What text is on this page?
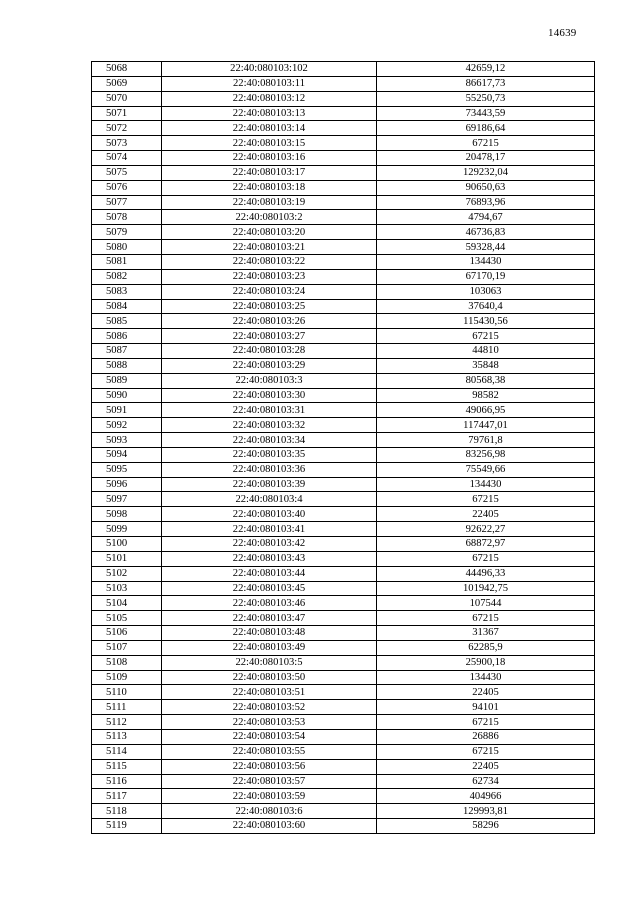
14639
5068	22:40:080103:102	42659,12
5069	22:40:080103:11	86617,73
5070	22:40:080103:12	55250,73
5071	22:40:080103:13	73443,59
5072	22:40:080103:14	69186,64
5073	22:40:080103:15	67215
5074	22:40:080103:16	20478,17
5075	22:40:080103:17	129232,04
5076	22:40:080103:18	90650,63
5077	22:40:080103:19	76893,96
5078	22:40:080103:2	4794,67
5079	22:40:080103:20	46736,83
5080	22:40:080103:21	59328,44
5081	22:40:080103:22	134430
5082	22:40:080103:23	67170,19
5083	22:40:080103:24	103063
5084	22:40:080103:25	37640,4
5085	22:40:080103:26	115430,56
5086	22:40:080103:27	67215
5087	22:40:080103:28	44810
5088	22:40:080103:29	35848
5089	22:40:080103:3	80568,38
5090	22:40:080103:30	98582
5091	22:40:080103:31	49066,95
5092	22:40:080103:32	117447,01
5093	22:40:080103:34	79761,8
5094	22:40:080103:35	83256,98
5095	22:40:080103:36	75549,66
5096	22:40:080103:39	134430
5097	22:40:080103:4	67215
5098	22:40:080103:40	22405
5099	22:40:080103:41	92622,27
5100	22:40:080103:42	68872,97
5101	22:40:080103:43	67215
5102	22:40:080103:44	44496,33
5103	22:40:080103:45	101942,75
5104	22:40:080103:46	107544
5105	22:40:080103:47	67215
5106	22:40:080103:48	31367
5107	22:40:080103:49	62285,9
5108	22:40:080103:5	25900,18
5109	22:40:080103:50	134430
5110	22:40:080103:51	22405
5111	22:40:080103:52	94101
5112	22:40:080103:53	67215
5113	22:40:080103:54	26886
5114	22:40:080103:55	67215
5115	22:40:080103:56	22405
5116	22:40:080103:57	62734
5117	22:40:080103:59	404966
5118	22:40:080103:6	129993,81
5119	22:40:080103:60	58296
